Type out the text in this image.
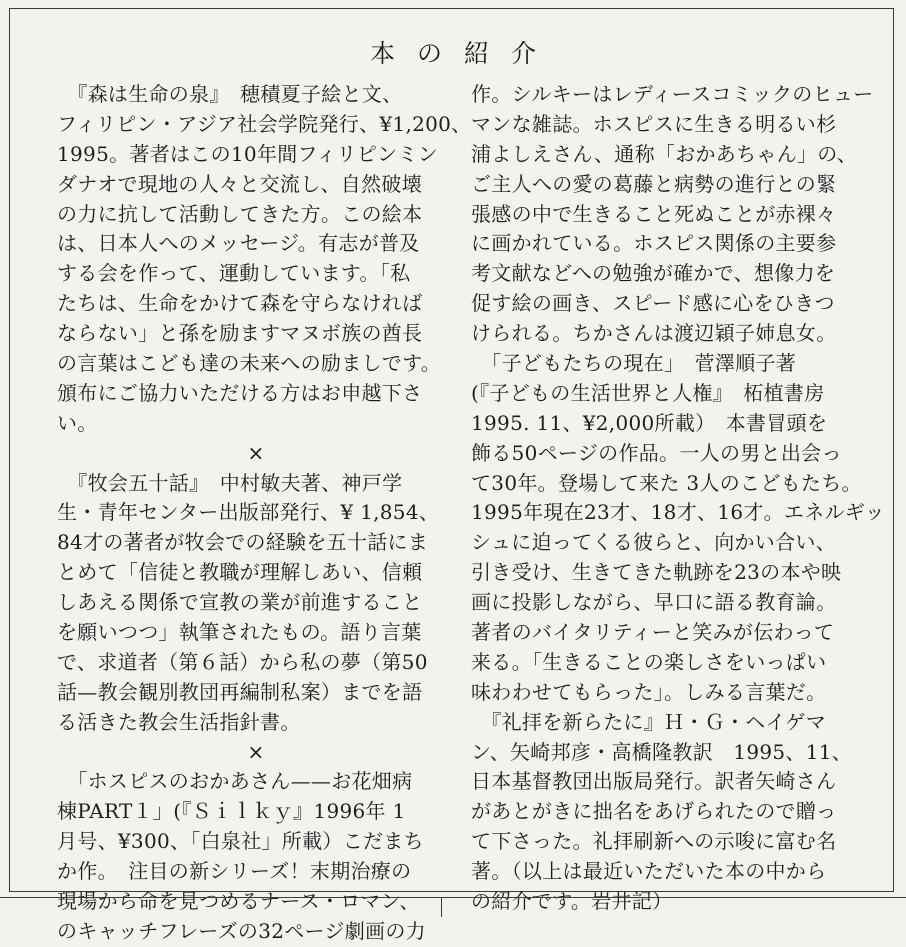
本の紹介
　『森は生命の泉』　穂積夏子絵と文、
フィリピン・アジア社会学院発行、¥1,200、
1995。著者はこの10年間フィリピンミン
ダナオで現地の人々と交流し、自然破壊
の力に抗して活動してきた方。この絵本
は、日本人へのメッセージ。有志が普及
する会を作って、運動しています。「私
たちは、生命をかけて森を守らなければ
ならない」と孫を励ますマヌボ族の酋長
の言葉はこども達の未来への励ましです。
頒布にご協力いただける方はお申越下さ
い。
×
　『牧会五十話』　中村敏夫著、神戸学
生・青年センター出版部発行、¥ 1,854、
84才の著者が牧会での経験を五十話にま
とめて「信徒と教職が理解しあい、信頼
しあえる関係で宣教の業が前進すること
を願いつつ」執筆されたもの。語り言葉
で、求道者（第６話）から私の夢（第50
話—教会観別教団再編制私案）までを語
る活きた教会生活指針書。
×
　「ホスピスのおかあさん——お花畑病
棟PART１」(『Ｓｉｌｋｙ』1996年 1
月号、¥300、「白泉社」所載）こだまち
か作。　注目の新シリーズ！末期治療の
現場から命を見つめるナース・ロマン、
のキャッチフレーズの32ページ劇画の力
作。シルキーはレディースコミックのヒュー
マンな雑誌。ホスピスに生きる明るい杉
浦よしえさん、通称「おかあちゃん」の、
ご主人への愛の葛藤と病勢の進行との緊
張感の中で生きること死ぬことが赤裸々
に画かれている。ホスピス関係の主要参
考文献などへの勉強が確かで、想像力を
促す絵の画き、スピード感に心をひきつ
けられる。ちかさんは渡辺穎子姉息女。
　「子どもたちの現在」　菅澤順子著
(『子どもの生活世界と人権』　柘植書房
1995. 11、¥2,000所載）　本書冒頭を
飾る50ページの作品。一人の男と出会っ
て30年。登場して来た 3人のこどもたち。
1995年現在23才、18才、16才。エネルギッ
シュに迫ってくる彼らと、向かい合い、
引き受け、生きてきた軌跡を23の本や映
画に投影しながら、早口に語る教育論。
著者のバイタリティーと笑みが伝わって
来る。「生きることの楽しさをいっぱい
味わわせてもらった」。しみる言葉だ。
　『礼拝を新らたに』Ｈ・Ｇ・ヘイゲマ
ン、矢崎邦彦・高橋隆教訳　1995、11、
日本基督教団出版局発行。訳者矢崎さん
があとがきに拙名をあげられたので贈っ
て下さった。礼拝刷新への示唆に富む名
著。（以上は最近いただいた本の中から
の紹介です。岩井記）
